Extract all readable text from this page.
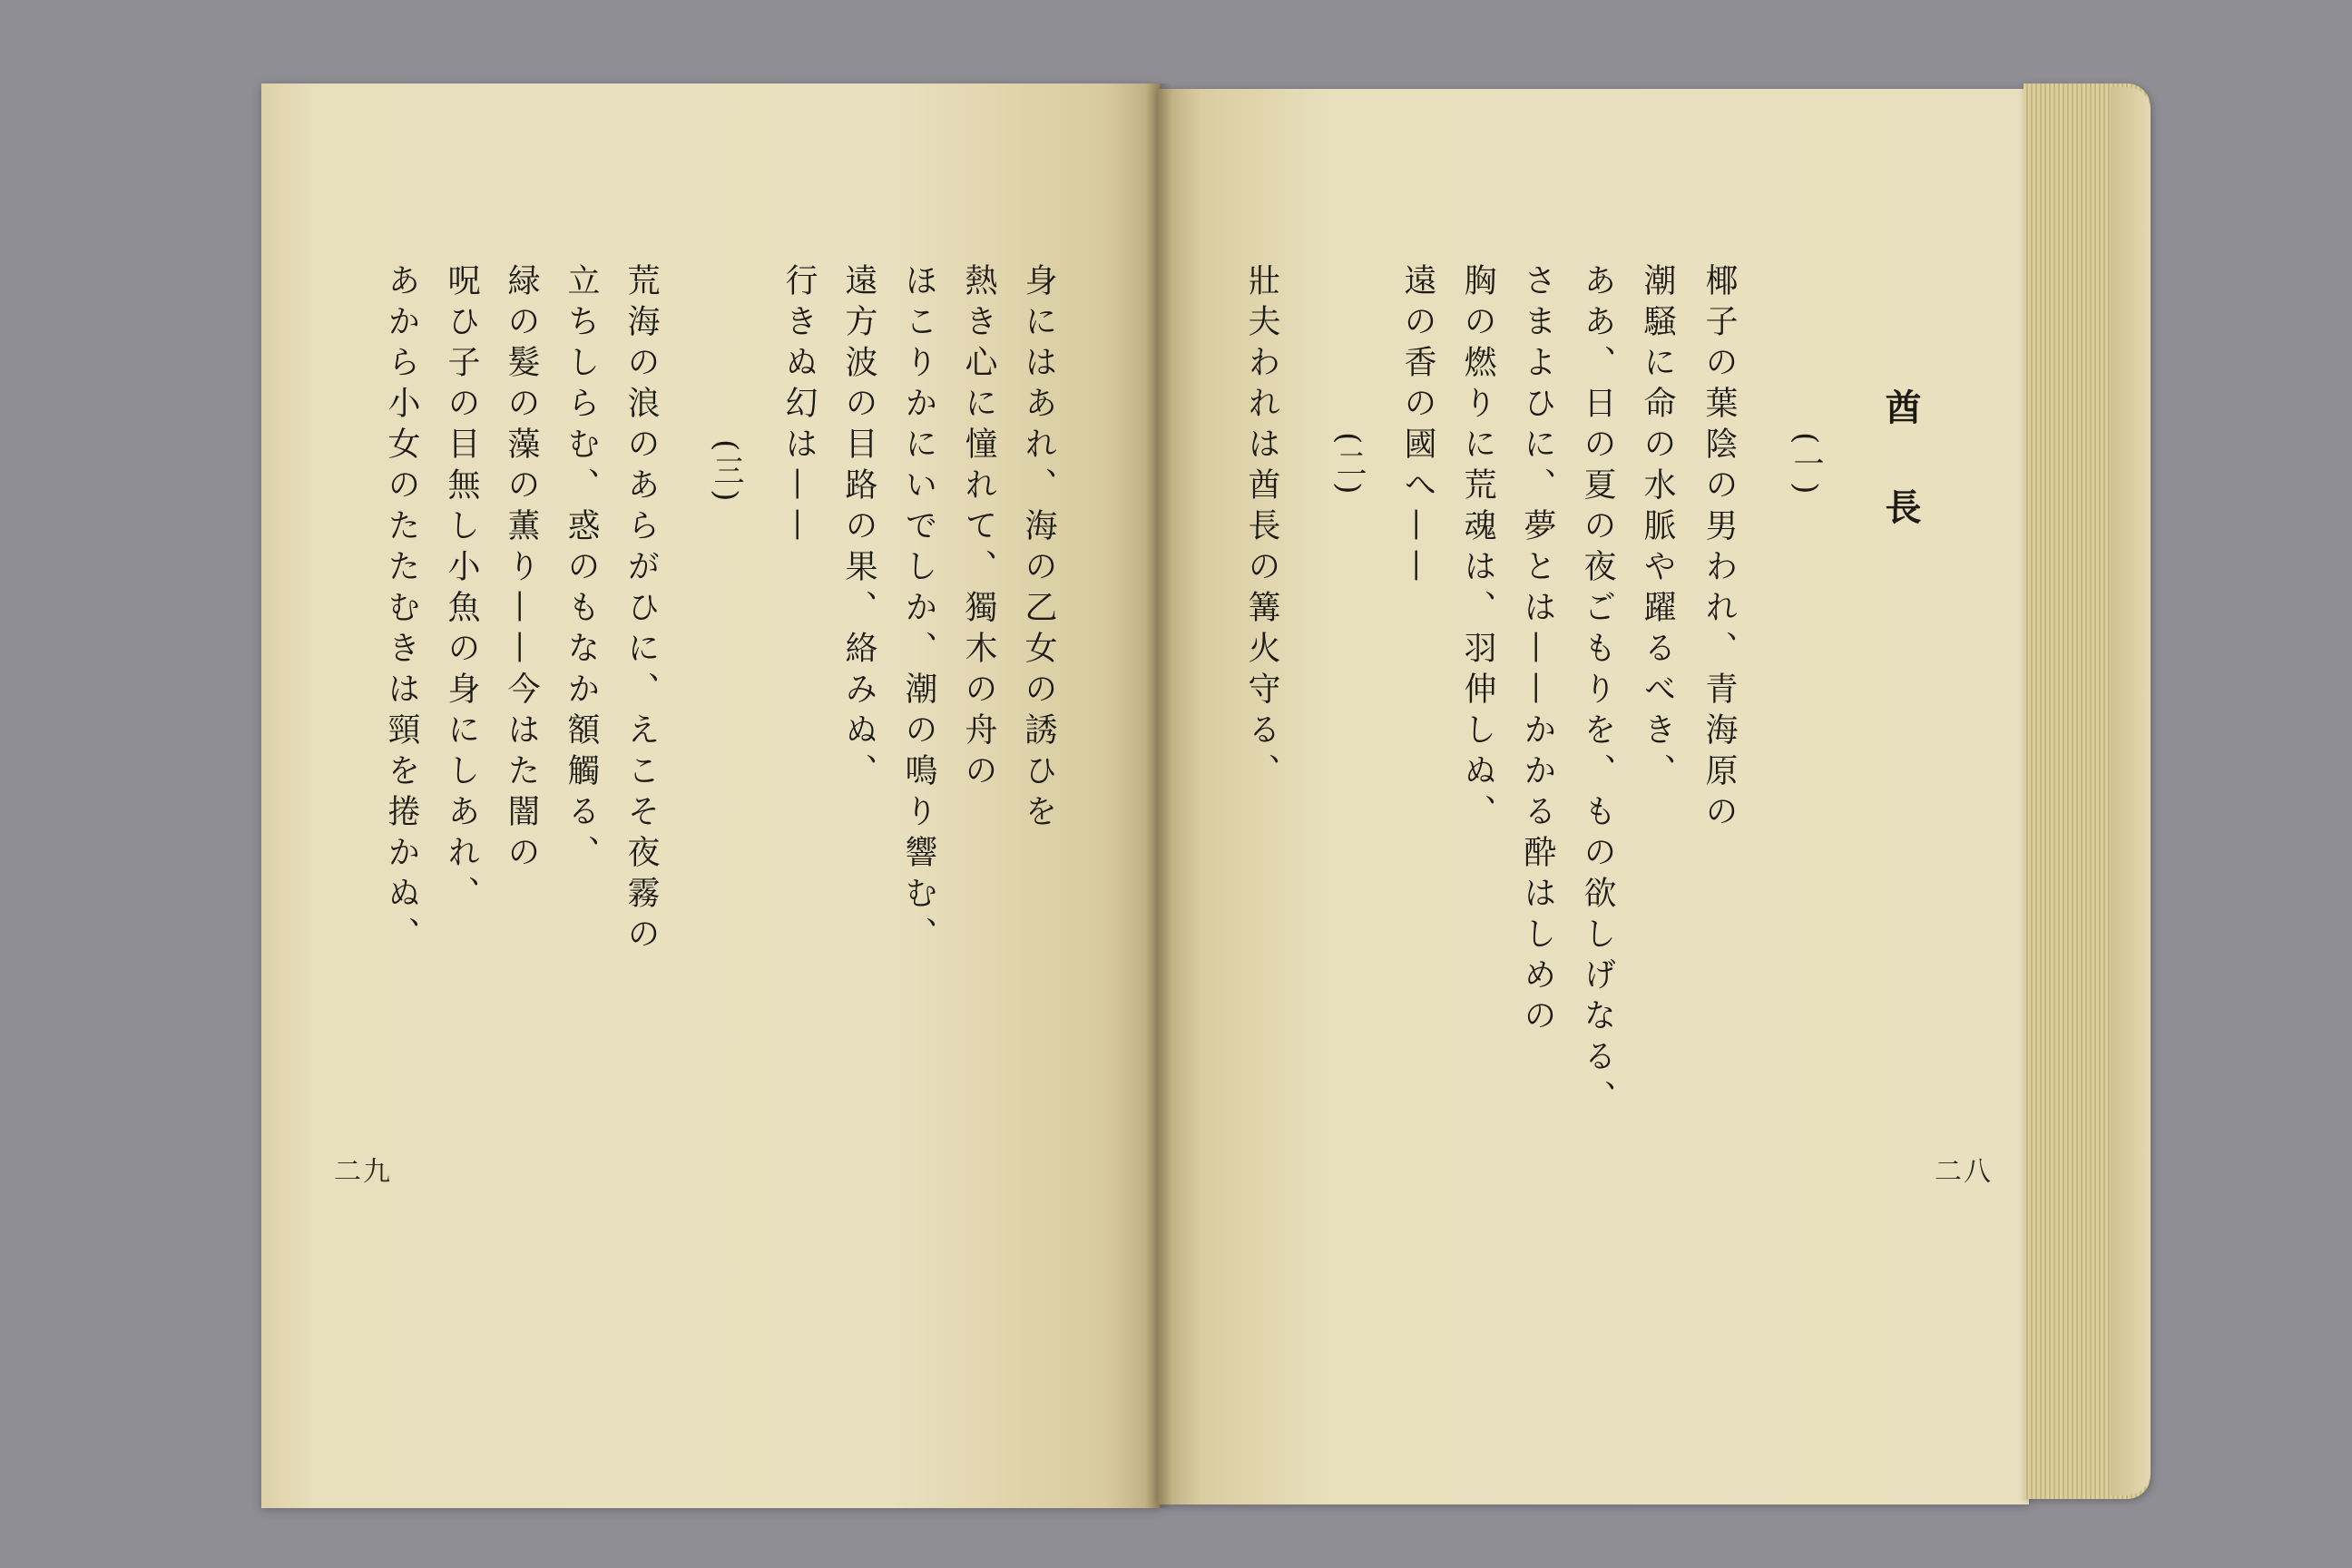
酋長
(一)
椰子の葉陰の男われ、青海原の
潮騒に命の水脈や躍るべき、
ああ、日の夏の夜ごもりを、もの欲しげなる、
さまよひに、夢とは——かかる酔はしめの
胸の燃りに荒魂は、羽伸しぬ、
遠の香の國へ——
(二)
壯夫われは酋長の篝火守る、
二八
身にはあれ、海の乙女の誘ひを
熱き心に憧れて、獨木の舟の
ほこりかにいでしか、潮の鳴り響む、
遠方波の目路の果、絡みぬ、
行きぬ幻は——
(三)
荒海の浪のあらがひに、えこそ夜霧の
立ちしらむ、惑のもなか額觸る、
緑の髮の藻の薫り——今はた闇の
呪ひ子の目無し小魚の身にしあれ、
あから小女のたたむきは頸を捲かぬ、
二九
